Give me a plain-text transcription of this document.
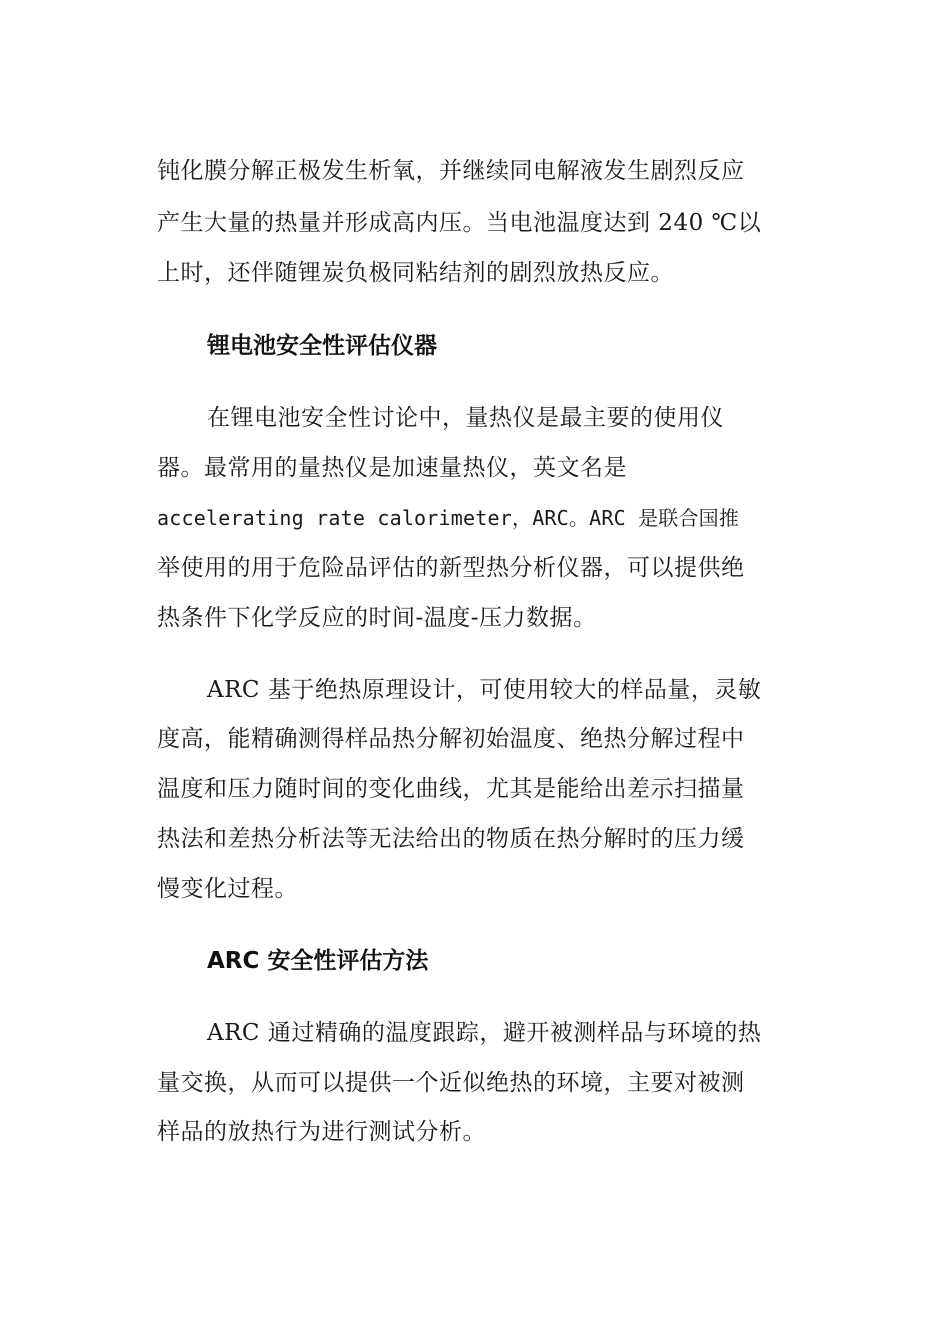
钝化膜分解正极发生析氧，并继续同电解液发生剧烈反应
产生大量的热量并形成高内压。当电池温度达到 240 ℃以
上时，还伴随锂炭负极同粘结剂的剧烈放热反应。
锂电池安全性评估仪器
在锂电池安全性讨论中，量热仪是最主要的使用仪
器。最常用的量热仪是加速量热仪，英文名是
accelerating rate calorimeter，ARC。ARC 是联合国推
举使用的用于危险品评估的新型热分析仪器，可以提供绝
热条件下化学反应的时间-温度-压力数据。
ARC 基于绝热原理设计，可使用较大的样品量，灵敏
度高，能精确测得样品热分解初始温度、绝热分解过程中
温度和压力随时间的变化曲线，尤其是能给出差示扫描量
热法和差热分析法等无法给出的物质在热分解时的压力缓
慢变化过程。
ARC 安全性评估方法
ARC 通过精确的温度跟踪，避开被测样品与环境的热
量交换，从而可以提供一个近似绝热的环境，主要对被测
样品的放热行为进行测试分析。
